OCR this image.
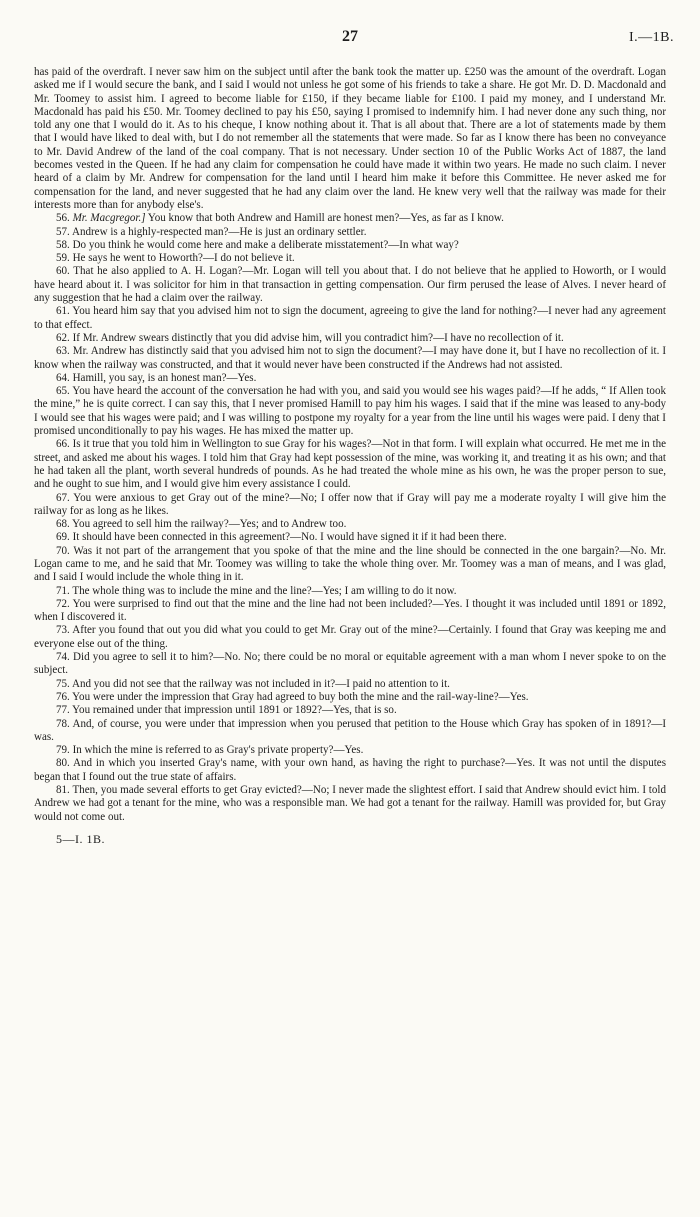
27	I.—1B.

has paid of the overdraft. I never saw him on the subject until after the bank took the matter up. £250 was the amount of the overdraft. Logan asked me if I would secure the bank, and I said I would not unless he got some of his friends to take a share. He got Mr. D. D. Macdonald and Mr. Toomey to assist him. I agreed to become liable for £150, if they became liable for £100. I paid my money, and I understand Mr. Macdonald has paid his £50. Mr. Toomey declined to pay his £50, saying I promised to indemnify him. I had never done any such thing, nor told any one that I would do it. As to his cheque, I know nothing about it. That is all about that. There are a lot of statements made by them that I would have liked to deal with, but I do not remember all the statements that were made. So far as I know there has been no conveyance to Mr. David Andrew of the land of the coal company. That is not necessary. Under section 10 of the Public Works Act of 1887, the land becomes vested in the Queen. If he had any claim for compensation he could have made it within two years. He made no such claim. I never heard of a claim by Mr. Andrew for compensation for the land until I heard him make it before this Committee. He never asked me for compensation for the land, and never suggested that he had any claim over the land. He knew very well that the railway was made for their interests more than for anybody else's.

56. Mr. Macgregor.] You know that both Andrew and Hamill are honest men?—Yes, as far as I know.

57. Andrew is a highly-respected man?—He is just an ordinary settler.

58. Do you think he would come here and make a deliberate misstatement?—In what way?

59. He says he went to Howorth?—I do not believe it.

60. That he also applied to A. H. Logan?—Mr. Logan will tell you about that. I do not believe that he applied to Howorth, or I would have heard about it. I was solicitor for him in that transaction in getting compensation. Our firm perused the lease of Alves. I never heard of any suggestion that he had a claim over the railway.

61. You heard him say that you advised him not to sign the document, agreeing to give the land for nothing?—I never had any agreement to that effect.

62. If Mr. Andrew swears distinctly that you did advise him, will you contradict him?—I have no recollection of it.

63. Mr. Andrew has distinctly said that you advised him not to sign the document?—I may have done it, but I have no recollection of it. I know when the railway was constructed, and that it would never have been constructed if the Andrews had not assisted.

64. Hamill, you say, is an honest man?—Yes.

65. You have heard the account of the conversation he had with you, and said you would see his wages paid?—If he adds, “ If Allen took the mine,” he is quite correct. I can say this, that I never promised Hamill to pay him his wages. I said that if the mine was leased to any-body I would see that his wages were paid; and I was willing to postpone my royalty for a year from the line until his wages were paid. I deny that I promised unconditionally to pay his wages. He has mixed the matter up.

66. Is it true that you told him in Wellington to sue Gray for his wages?—Not in that form. I will explain what occurred. He met me in the street, and asked me about his wages. I told him that Gray had kept possession of the mine, was working it, and treating it as his own; and that he had taken all the plant, worth several hundreds of pounds. As he had treated the whole mine as his own, he was the proper person to sue, and he ought to sue him, and I would give him every assistance I could.

67. You were anxious to get Gray out of the mine?—No; I offer now that if Gray will pay me a moderate royalty I will give him the railway for as long as he likes.

68. You agreed to sell him the railway?—Yes; and to Andrew too.

69. It should have been connected in this agreement?—No. I would have signed it if it had been there.

70. Was it not part of the arrangement that you spoke of that the mine and the line should be connected in the one bargain?—No. Mr. Logan came to me, and he said that Mr. Toomey was willing to take the whole thing over. Mr. Toomey was a man of means, and I was glad, and I said I would include the whole thing in it.

71. The whole thing was to include the mine and the line?—Yes; I am willing to do it now.

72. You were surprised to find out that the mine and the line had not been included?—Yes. I thought it was included until 1891 or 1892, when I discovered it.

73. After you found that out you did what you could to get Mr. Gray out of the mine?—Certainly. I found that Gray was keeping me and everyone else out of the thing.

74. Did you agree to sell it to him?—No. No; there could be no moral or equitable agreement with a man whom I never spoke to on the subject.

75. And you did not see that the railway was not included in it?—I paid no attention to it.

76. You were under the impression that Gray had agreed to buy both the mine and the rail-way-line?—Yes.

77. You remained under that impression until 1891 or 1892?—Yes, that is so.

78. And, of course, you were under that impression when you perused that petition to the House which Gray has spoken of in 1891?—I was.

79. In which the mine is referred to as Gray's private property?—Yes.

80. And in which you inserted Gray's name, with your own hand, as having the right to purchase?—Yes. It was not until the disputes began that I found out the true state of affairs.

81. Then, you made several efforts to get Gray evicted?—No; I never made the slightest effort. I said that Andrew should evict him. I told Andrew we had got a tenant for the mine, who was a responsible man. We had got a tenant for the railway. Hamill was provided for, but Gray would not come out.

5—I. 1B.
